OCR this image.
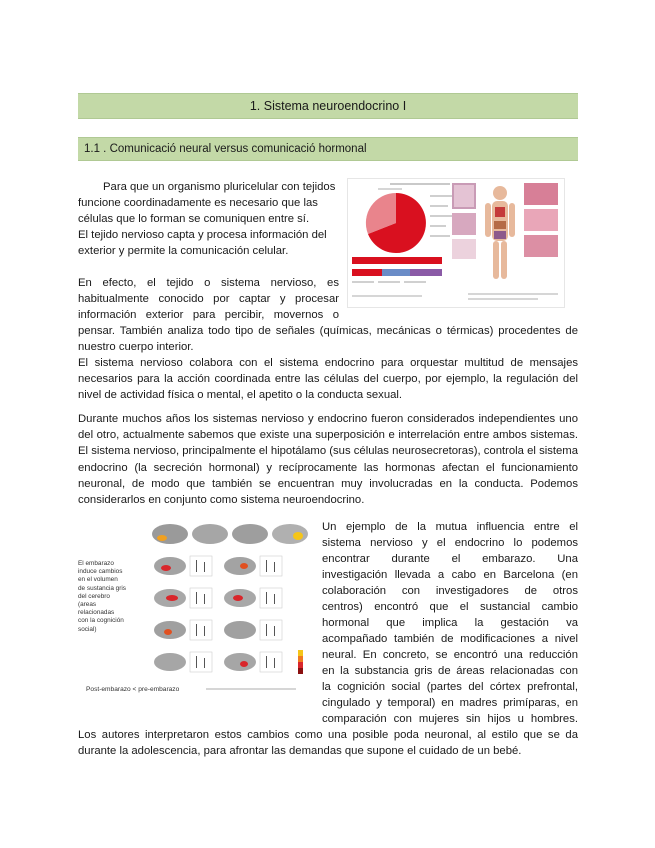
1. Sistema neuroendocrino I
1.1 . Comunicació neural versus comunicació hormonal

Para que un organismo pluricelular con tejidos

funcione coordinadamente es necesario que las

células que lo forman se comuniquen entre sí.

El tejido nervioso capta y procesa información del

exterior y permite la comunicación celular.

En efecto, el tejido o sistema nervioso, es

habitualmente conocido por captar y procesar

información exterior para percibir, movernos o

pensar. También analiza todo tipo de señales (químicas, mecánicas o térmicas) procedentes de nuestro cuerpo interior.

El sistema nervioso colabora con el sistema endocrino para orquestar multitud de mensajes necesarios para la acción coordinada entre las células del cuerpo, por ejemplo, la regulación del nivel de actividad física o mental, el apetito o la conducta sexual.

Durante muchos años los sistemas nervioso y endocrino fueron considerados independientes uno del otro, actualmente sabemos que existe una superposición e interrelación entre ambos sistemas. El sistema nervioso, principalmente el hipotálamo (sus células neurosecretoras), controla el sistema endocrino (la secreción hormonal) y recíprocamente las hormonas afectan el funcionamiento neuronal, de modo que también se encuentran muy involucradas en la conducta. Podemos considerarlos en conjunto como sistema neuroendocrino.

Un ejemplo de la mutua influencia entre el

sistema nervioso y el endocrino lo podemos

encontrar durante el embarazo. Una

investigación llevada a cabo en Barcelona (en

colaboración con investigadores de otros

centros) encontró que el sustancial cambio

hormonal que implica la gestación va

acompañado también de modificaciones a nivel

neural. En concreto, se encontró una reducción

en la substancia gris de áreas relacionadas con

la cognición social (partes del córtex prefrontal,

cingulado y temporal) en madres primíparas, en

comparación con mujeres sin hijos u hombres.

Los autores interpretaron estos cambios como una posible poda neuronal, al estilo que se da durante la adolescencia, para afrontar las demandas que supone el cuidado de un bebé.

El embarazo
induce cambios
en el volumen
de sustancia gris
del cerebro
(areas
relacionadas
con la cognición
social)
Post-embarazo < pre-embarazo
